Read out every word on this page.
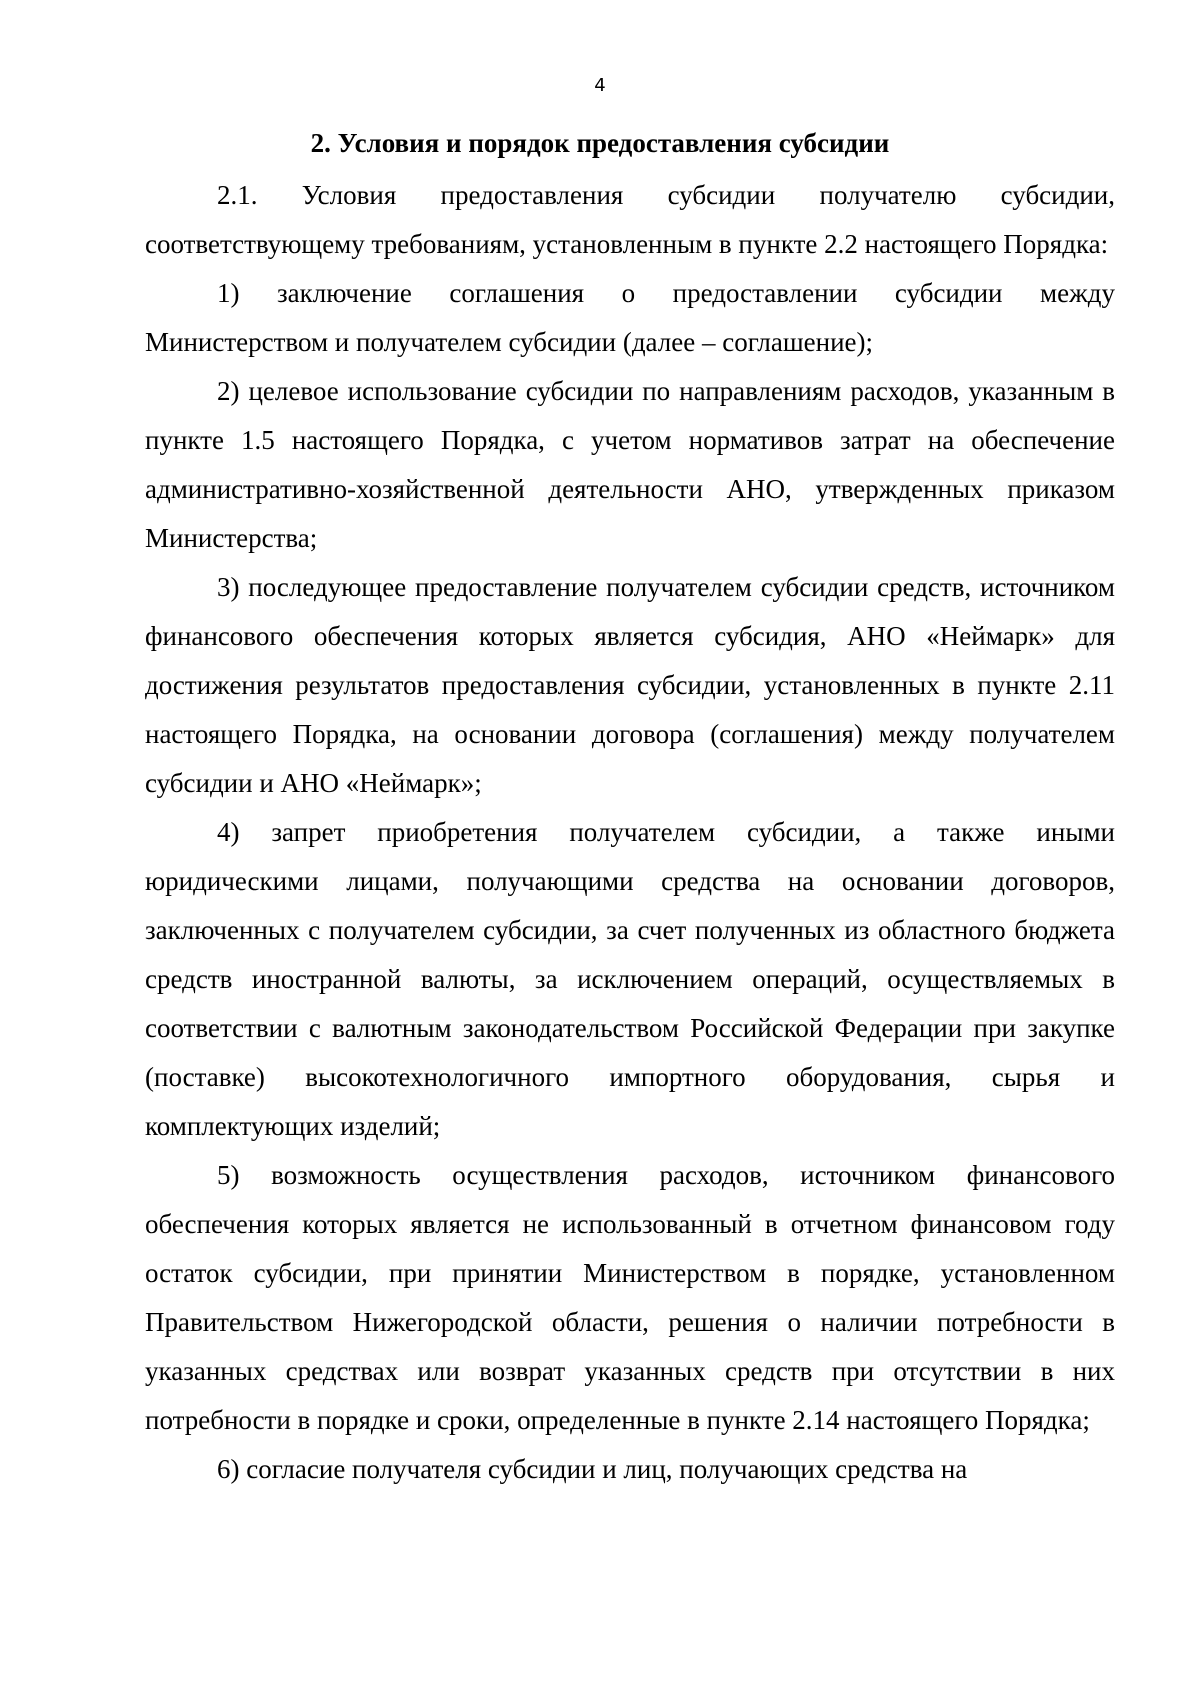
4
2. Условия и порядок предоставления субсидии

2.1. Условия предоставления субсидии получателю субсидии, соответствующему требованиям, установленным в пункте 2.2 настоящего Порядка:

1) заключение соглашения о предоставлении субсидии между Министерством и получателем субсидии (далее – соглашение);

2) целевое использование субсидии по направлениям расходов, указанным в пункте 1.5 настоящего Порядка, с учетом нормативов затрат на обеспечение административно-хозяйственной деятельности АНО, утвержденных приказом Министерства;

3) последующее предоставление получателем субсидии средств, источником финансового обеспечения которых является субсидия, АНО «Неймарк» для достижения результатов предоставления субсидии, установленных в пункте 2.11 настоящего Порядка, на основании договора (соглашения) между получателем субсидии и АНО «Неймарк»;

4) запрет приобретения получателем субсидии, а также иными юридическими лицами, получающими средства на основании договоров, заключенных с получателем субсидии, за счет полученных из областного бюджета средств иностранной валюты, за исключением операций, осуществляемых в соответствии с валютным законодательством Российской Федерации при закупке (поставке) высокотехнологичного импортного оборудования, сырья и комплектующих изделий;

5) возможность осуществления расходов, источником финансового обеспечения которых является не использованный в отчетном финансовом году остаток субсидии, при принятии Министерством в порядке, установленном Правительством Нижегородской области, решения о наличии потребности в указанных средствах или возврат указанных средств при отсутствии в них потребности в порядке и сроки, определенные в пункте 2.14 настоящего Порядка;

6) согласие получателя субсидии и лиц, получающих средства на
